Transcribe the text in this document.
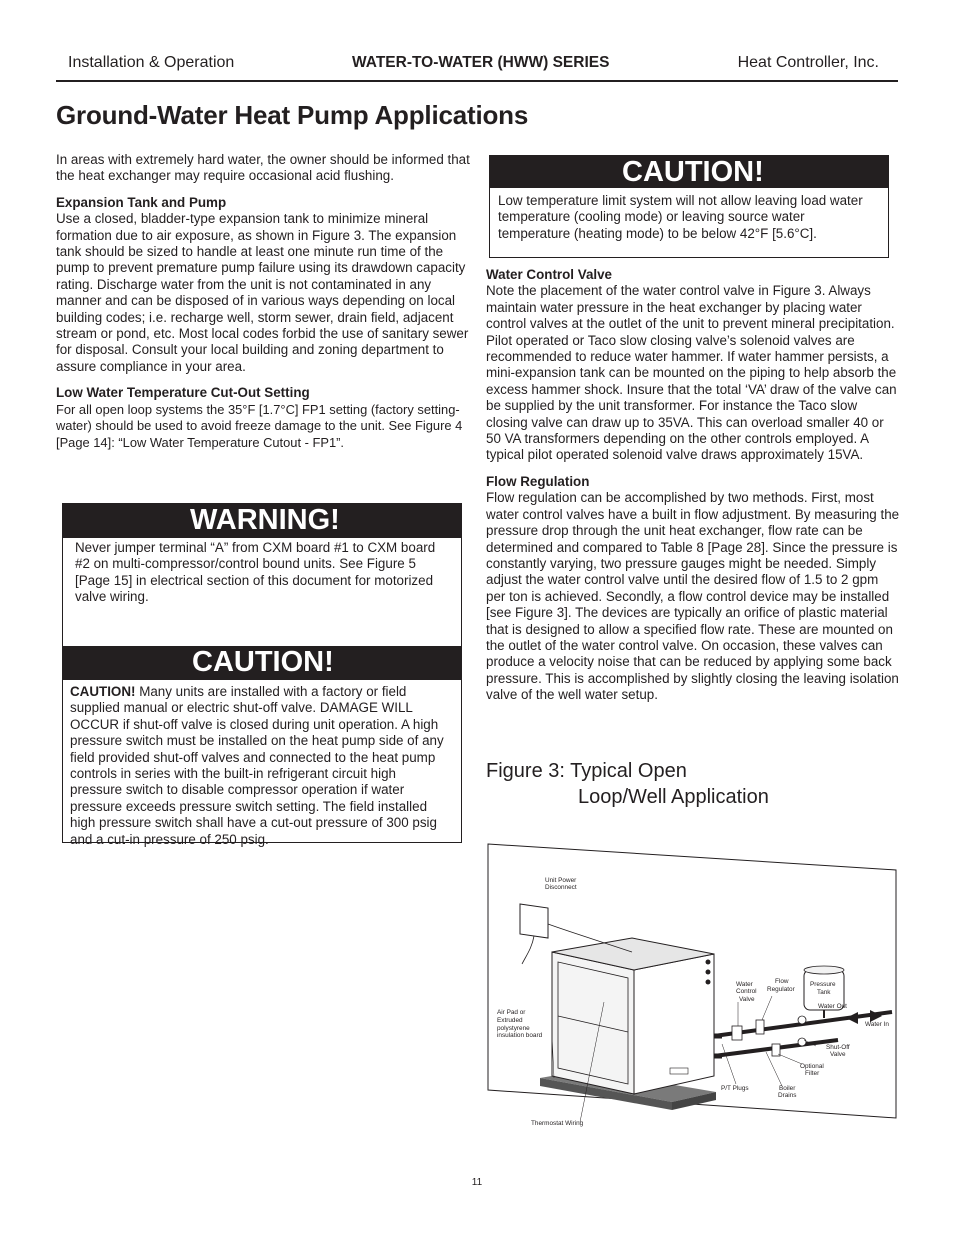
Installation & Operation	WATER-TO-WATER (HWW) SERIES	Heat Controller, Inc.
Ground-Water Heat Pump Applications

In areas with extremely hard water, the owner should be informed that the heat exchanger may require occasional acid flushing.

Expansion Tank and Pump

Use a closed, bladder-type expansion tank to minimize mineral formation due to air exposure, as shown in Figure 3. The expansion tank should be sized to handle at least one minute run time of the pump to prevent premature pump failure using its drawdown capacity rating. Discharge water from the unit is not contaminated in any manner and can be disposed of in various ways depending on local building codes; i.e. recharge well, storm sewer, drain field, adjacent stream or pond, etc. Most local codes forbid the use of sanitary sewer for disposal. Consult your local building and zoning department to assure compliance in your area.

Low Water Temperature Cut-Out Setting

For all open loop systems the 35°F [1.7°C] FP1 setting (factory setting-water) should be used to avoid freeze damage to the unit. See Figure 4 [Page 14]: “Low Water Temperature Cutout - FP1”.

WARNING!

Never jumper terminal “A” from CXM board #1 to CXM board #2 on multi-compressor/control bound units. See Figure 5 [Page 15] in electrical section of this document for motorized valve wiring.

CAUTION!

CAUTION! Many units are installed with a factory or field supplied manual or electric shut-off valve. DAMAGE WILL OCCUR if shut-off valve is closed during unit operation. A high pressure switch must be installed on the heat pump side of any field provided shut-off valves and connected to the heat pump controls in series with the built-in refrigerant circuit high pressure switch to disable compressor operation if water pressure exceeds pressure switch setting. The field installed high pressure switch shall have a cut-out pressure of 300 psig and a cut-in pressure of 250 psig.

CAUTION!

Low temperature limit system will not allow leaving load water temperature (cooling mode) or leaving source water temperature (heating mode) to be below 42°F [5.6°C].

Water Control Valve

Note the placement of the water control valve in Figure 3. Always maintain water pressure in the heat exchanger by placing water control valves at the outlet of the unit to prevent mineral precipitation. Pilot operated or Taco slow closing valve’s solenoid valves are recommended to reduce water hammer. If water hammer persists, a mini-expansion tank can be mounted on the piping to help absorb the excess hammer shock. Insure that the total ‘VA’ draw of the valve can be supplied by the unit transformer. For instance the Taco slow closing valve can draw up to 35VA. This can overload smaller 40 or 50 VA transformers depending on the other controls employed. A typical pilot operated solenoid valve draws approximately 15VA.

Flow Regulation

Flow regulation can be accomplished by two methods. First, most water control valves have a built in flow adjustment. By measuring the pressure drop through the unit heat exchanger, flow rate can be determined and compared to Table 8 [Page 28]. Since the pressure is constantly varying, two pressure gauges might be needed. Simply adjust the water control valve until the desired flow of 1.5 to 2 gpm per ton is achieved. Secondly, a flow control device may be installed [see Figure 3]. The devices are typically an orifice of plastic material that is designed to allow a specified flow rate. These are mounted on the outlet of the water control valve. On occasion, these valves can produce a velocity noise that can be reduced by applying some back pressure. This is accomplished by slightly closing the leaving isolation valve of the well water setup.

Figure 3: Typical Open
Loop/Well Application
Unit Power
Disconnect
Water
Control
Valve
Flow
Regulator
Pressure
Tank
Water Out
Water In
Air Pad or
Extruded
polystyrene
insulation board
Shut-Off
Valve
Optional
Filter
P/T Plugs	Boiler
Drains
Thermostat Wiring
11
